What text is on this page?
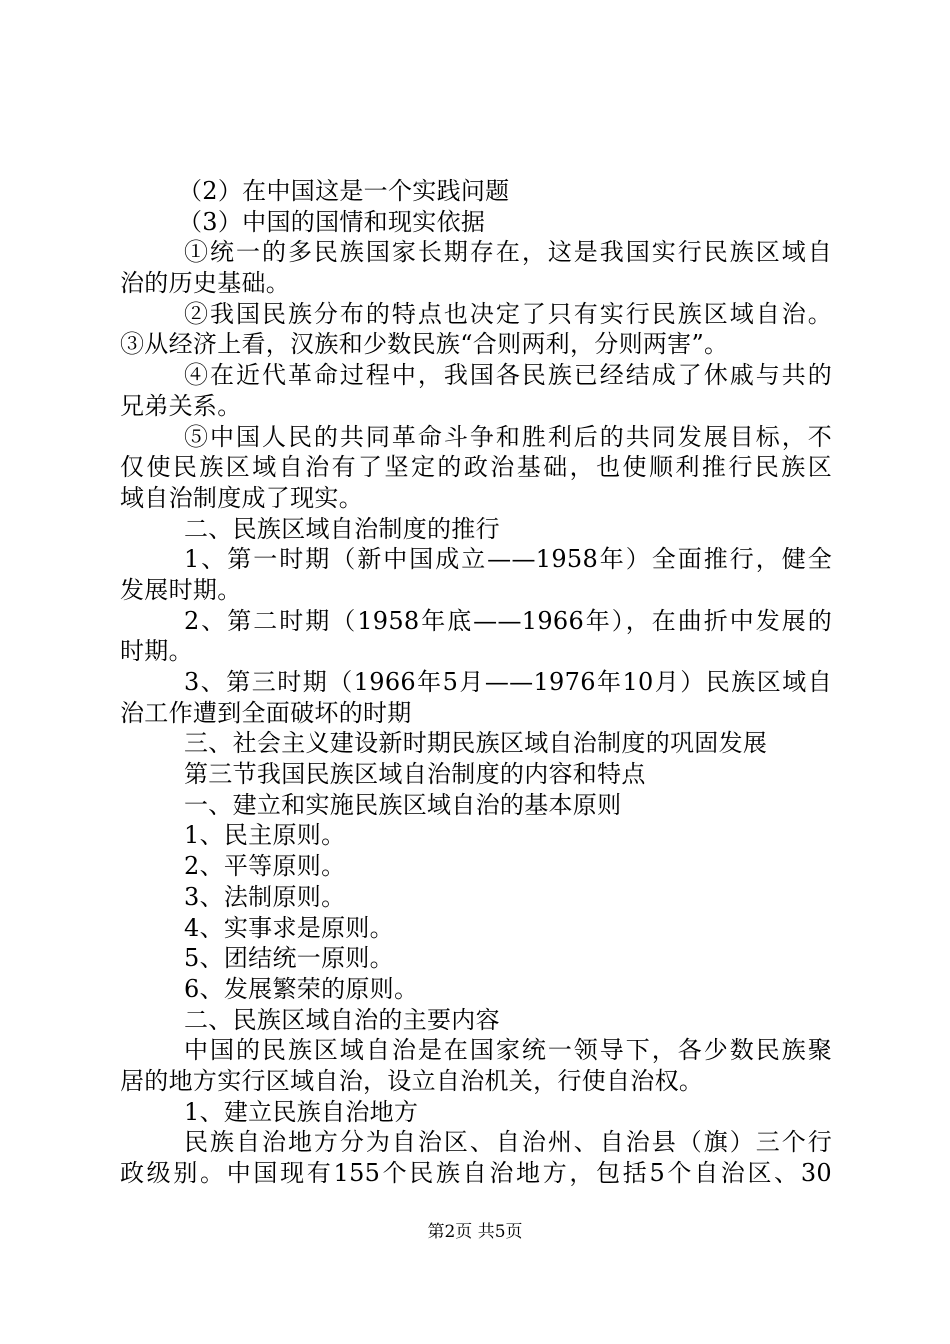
（2）在中国这是一个实践问题
（3）中国的国情和现实依据
①统一的多民族国家长期存在，这是我国实行民族区域自
治的历史基础。
②我国民族分布的特点也决定了只有实行民族区域自治。
③从经济上看，汉族和少数民族“合则两利，分则两害”。
④在近代革命过程中，我国各民族已经结成了休戚与共的
兄弟关系。
⑤中国人民的共同革命斗争和胜利后的共同发展目标，不
仅使民族区域自治有了坚定的政治基础，也使顺利推行民族区
域自治制度成了现实。
二、民族区域自治制度的推行
1、第一时期（新中国成立——1958年）全面推行，健全
发展时期。
2、第二时期（1958年底——1966年），在曲折中发展的
时期。
3、第三时期（1966年5月——1976年10月）民族区域自
治工作遭到全面破坏的时期
三、社会主义建设新时期民族区域自治制度的巩固发展
第三节我国民族区域自治制度的内容和特点
一、建立和实施民族区域自治的基本原则
1、民主原则。
2、平等原则。
3、法制原则。
4、实事求是原则。
5、团结统一原则。
6、发展繁荣的原则。
二、民族区域自治的主要内容
中国的民族区域自治是在国家统一领导下，各少数民族聚
居的地方实行区域自治，设立自治机关，行使自治权。
1、建立民族自治地方
民族自治地方分为自治区、自治州、自治县（旗）三个行
政级别。中国现有155个民族自治地方，包括5个自治区、30
第2页 共5页
